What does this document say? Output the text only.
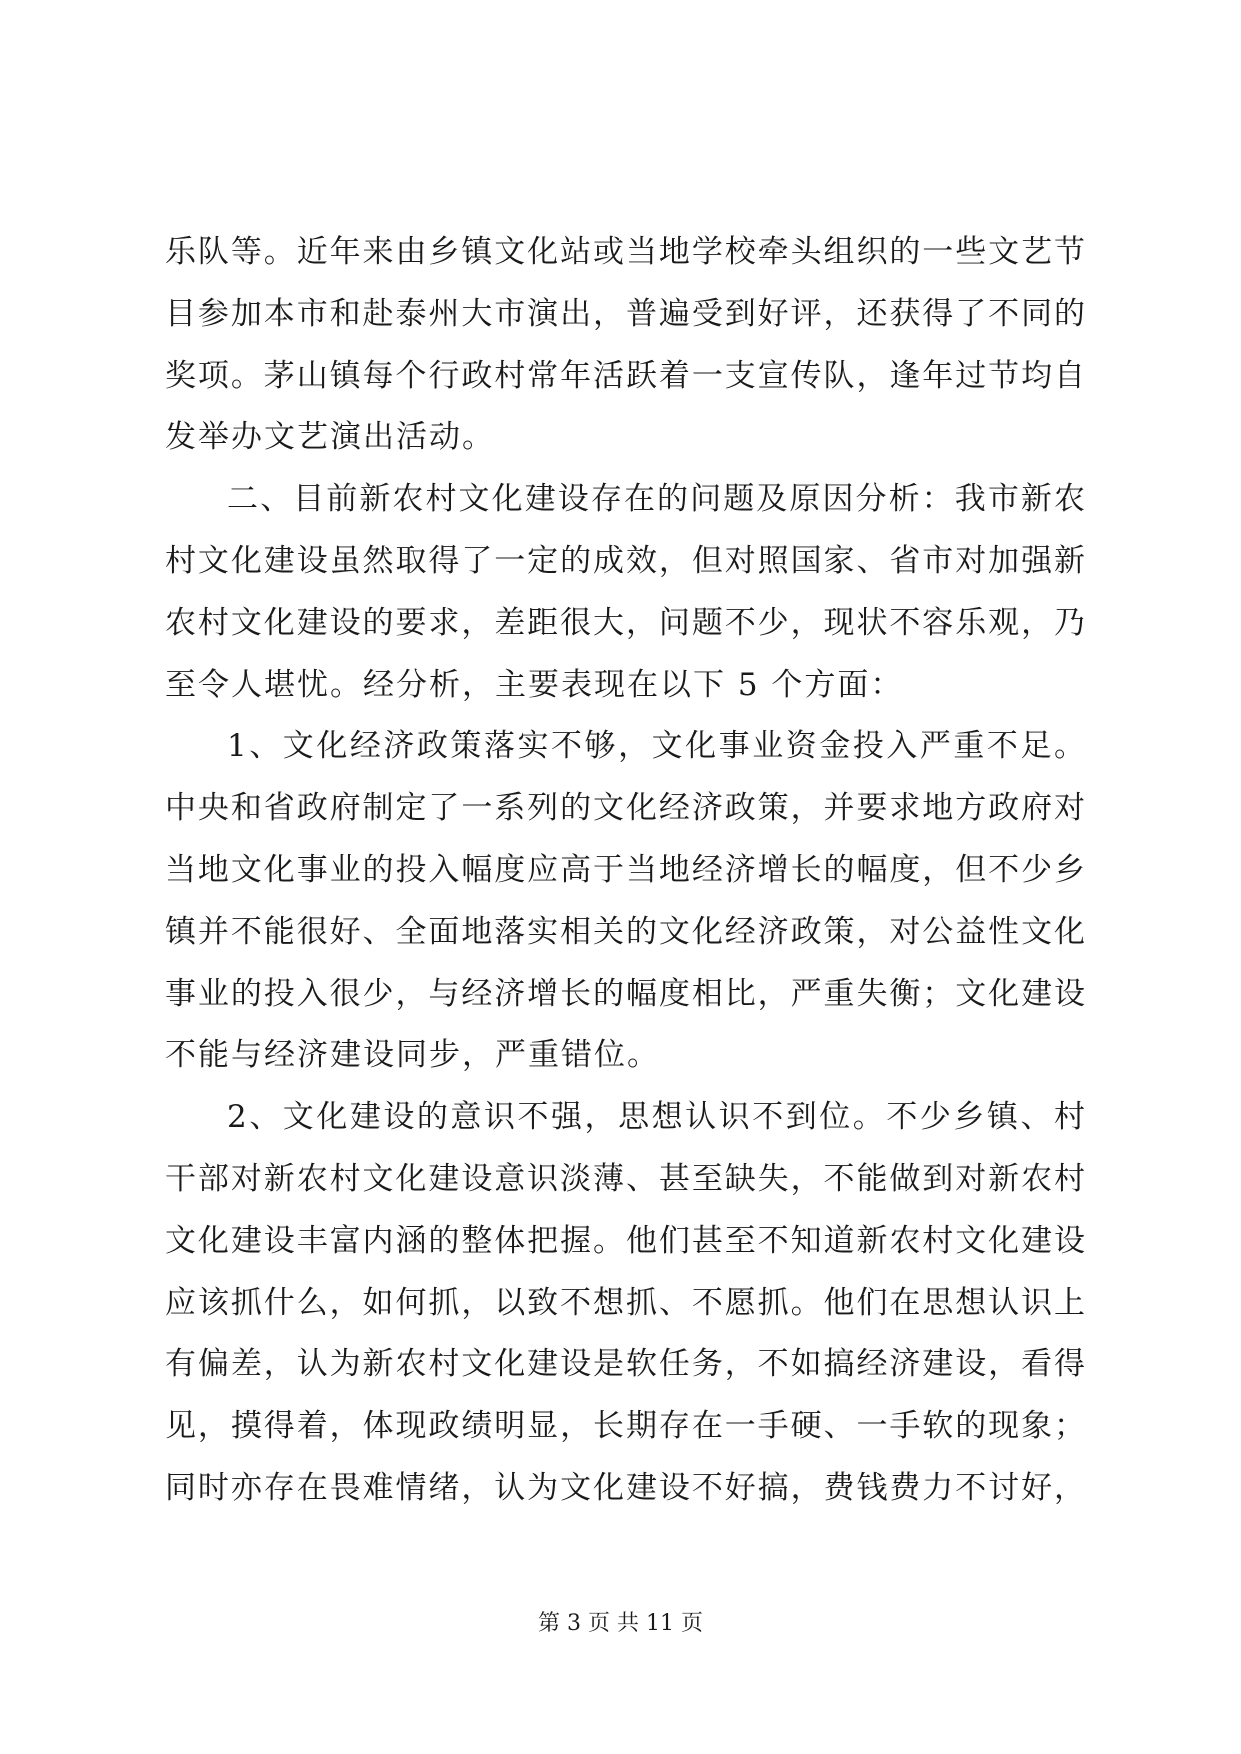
乐队等。近年来由乡镇文化站或当地学校牵头组织的一些文艺节
目参加本市和赴泰州大市演出，普遍受到好评，还获得了不同的
奖项。茅山镇每个行政村常年活跃着一支宣传队，逢年过节均自
发举办文艺演出活动。
二、目前新农村文化建设存在的问题及原因分析：我市新农
村文化建设虽然取得了一定的成效，但对照国家、省市对加强新
农村文化建设的要求，差距很大，问题不少，现状不容乐观，乃
至令人堪忧。经分析，主要表现在以下 5 个方面：
1、文化经济政策落实不够，文化事业资金投入严重不足。
中央和省政府制定了一系列的文化经济政策，并要求地方政府对
当地文化事业的投入幅度应高于当地经济增长的幅度，但不少乡
镇并不能很好、全面地落实相关的文化经济政策，对公益性文化
事业的投入很少，与经济增长的幅度相比，严重失衡；文化建设
不能与经济建设同步，严重错位。
2、文化建设的意识不强，思想认识不到位。不少乡镇、村
干部对新农村文化建设意识淡薄、甚至缺失，不能做到对新农村
文化建设丰富内涵的整体把握。他们甚至不知道新农村文化建设
应该抓什么，如何抓，以致不想抓、不愿抓。他们在思想认识上
有偏差，认为新农村文化建设是软任务，不如搞经济建设，看得
见，摸得着，体现政绩明显，长期存在一手硬、一手软的现象；
同时亦存在畏难情绪，认为文化建设不好搞，费钱费力不讨好，
第 3 页 共 11 页
